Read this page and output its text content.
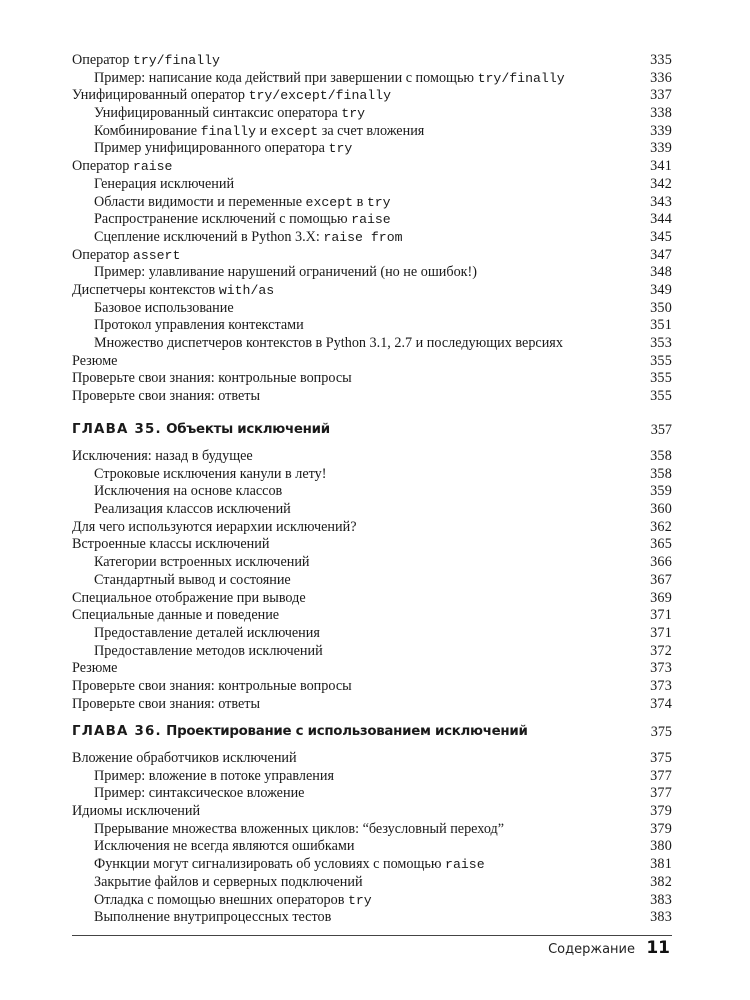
Оператор try/finally	335
Пример: написание кода действий при завершении с помощью try/finally	336
Унифицированный оператор try/except/finally	337
Унифицированный синтаксис оператора try	338
Комбинирование finally и except за счет вложения	339
Пример унифицированного оператора try	339
Оператор raise	341
Генерация исключений	342
Области видимости и переменные except в try	343
Распространение исключений с помощью raise	344
Сцепление исключений в Python 3.X: raise from	345
Оператор assert	347
Пример: улавливание нарушений ограничений (но не ошибок!)	348
Диспетчеры контекстов with/as	349
Базовое использование	350
Протокол управления контекстами	351
Множество диспетчеров контекстов в Python 3.1, 2.7 и последующих версиях	353
Резюме	355
Проверьте свои знания: контрольные вопросы	355
Проверьте свои знания: ответы	355
ГЛАВА 35. Объекты исключений	357
Исключения: назад в будущее	358
Строковые исключения канули в лету!	358
Исключения на основе классов	359
Реализация классов исключений	360
Для чего используются иерархии исключений?	362
Встроенные классы исключений	365
Категории встроенных исключений	366
Стандартный вывод и состояние	367
Специальное отображение при выводе	369
Специальные данные и поведение	371
Предоставление деталей исключения	371
Предоставление методов исключений	372
Резюме	373
Проверьте свои знания: контрольные вопросы	373
Проверьте свои знания: ответы	374
ГЛАВА 36. Проектирование с использованием исключений	375
Вложение обработчиков исключений	375
Пример: вложение в потоке управления	377
Пример: синтаксическое вложение	377
Идиомы исключений	379
Прерывание множества вложенных циклов: “безусловный переход”	379
Исключения не всегда являются ошибками	380
Функции могут сигнализировать об условиях с помощью raise	381
Закрытие файлов и серверных подключений	382
Отладка с помощью внешних операторов try	383
Выполнение внутрипроцессных тестов	383
Содержание 11
